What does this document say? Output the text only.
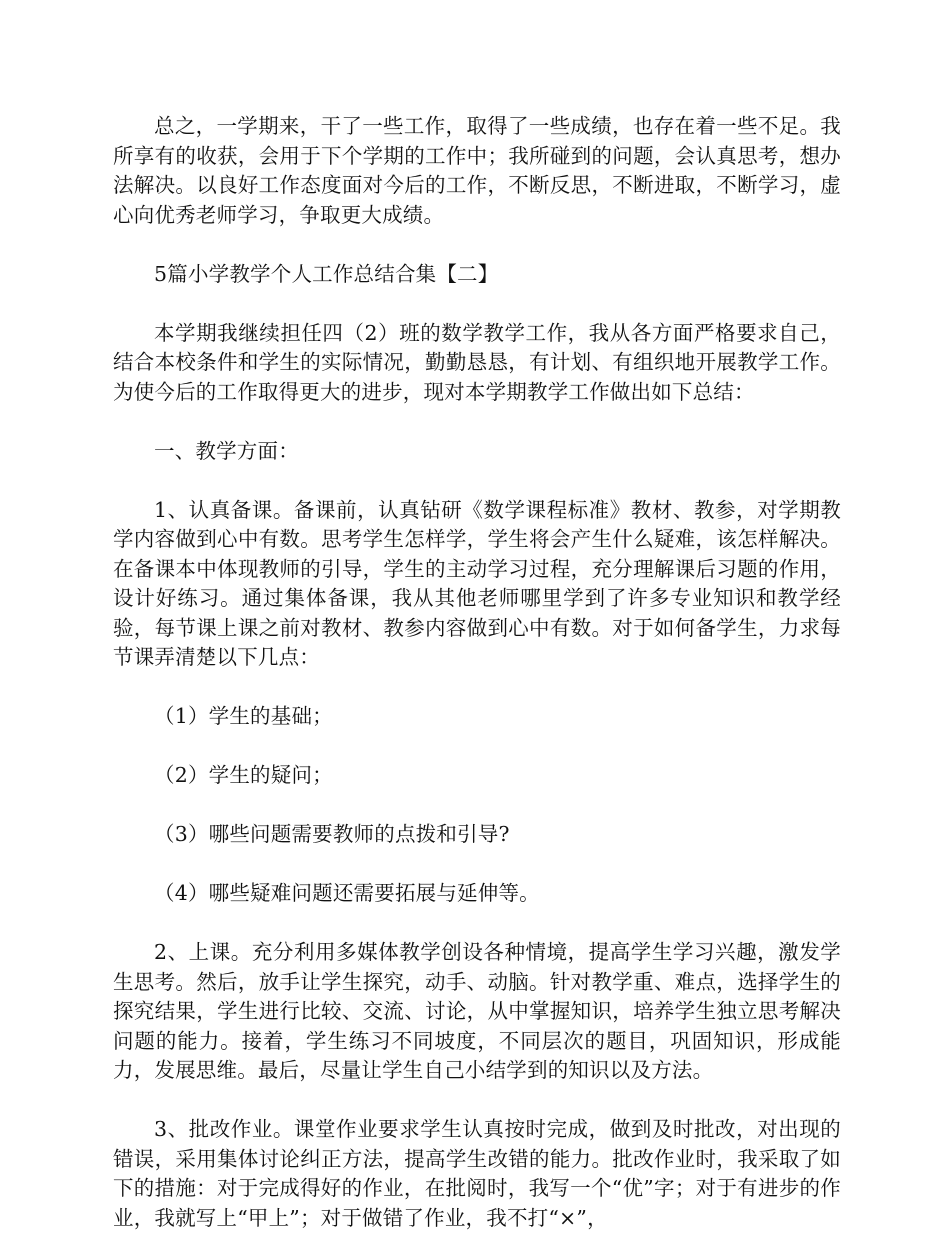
总之，一学期来，干了一些工作，取得了一些成绩，也存在着一些不足。我所享有的收获，会用于下个学期的工作中；我所碰到的问题，会认真思考，想办法解决。以良好工作态度面对今后的工作，不断反思，不断进取，不断学习，虚心向优秀老师学习，争取更大成绩。

5篇小学教学个人工作总结合集【二】

本学期我继续担任四（2）班的数学教学工作，我从各方面严格要求自己，结合本校条件和学生的实际情况，勤勤恳恳，有计划、有组织地开展教学工作。为使今后的工作取得更大的进步，现对本学期教学工作做出如下总结：

一、教学方面：

1、认真备课。备课前，认真钻研《数学课程标准》教材、教参，对学期教学内容做到心中有数。思考学生怎样学，学生将会产生什么疑难，该怎样解决。在备课本中体现教师的引导，学生的主动学习过程，充分理解课后习题的作用，设计好练习。通过集体备课，我从其他老师哪里学到了许多专业知识和教学经验，每节课上课之前对教材、教参内容做到心中有数。对于如何备学生，力求每节课弄清楚以下几点：

（1）学生的基础；

（2）学生的疑问；

（3）哪些问题需要教师的点拨和引导?

（4）哪些疑难问题还需要拓展与延伸等。

2、上课。充分利用多媒体教学创设各种情境，提高学生学习兴趣，激发学生思考。然后，放手让学生探究，动手、动脑。针对教学重、难点，选择学生的探究结果，学生进行比较、交流、讨论，从中掌握知识，培养学生独立思考解决问题的能力。接着，学生练习不同坡度，不同层次的题目，巩固知识，形成能力，发展思维。最后，尽量让学生自己小结学到的知识以及方法。

3、批改作业。课堂作业要求学生认真按时完成，做到及时批改，对出现的错误，采用集体讨论纠正方法，提高学生改错的能力。批改作业时，我采取了如下的措施：对于完成得好的作业，在批阅时，我写一个“优”字；对于有进步的作业，我就写上“甲上”；对于做错了作业，我不打“×”，
